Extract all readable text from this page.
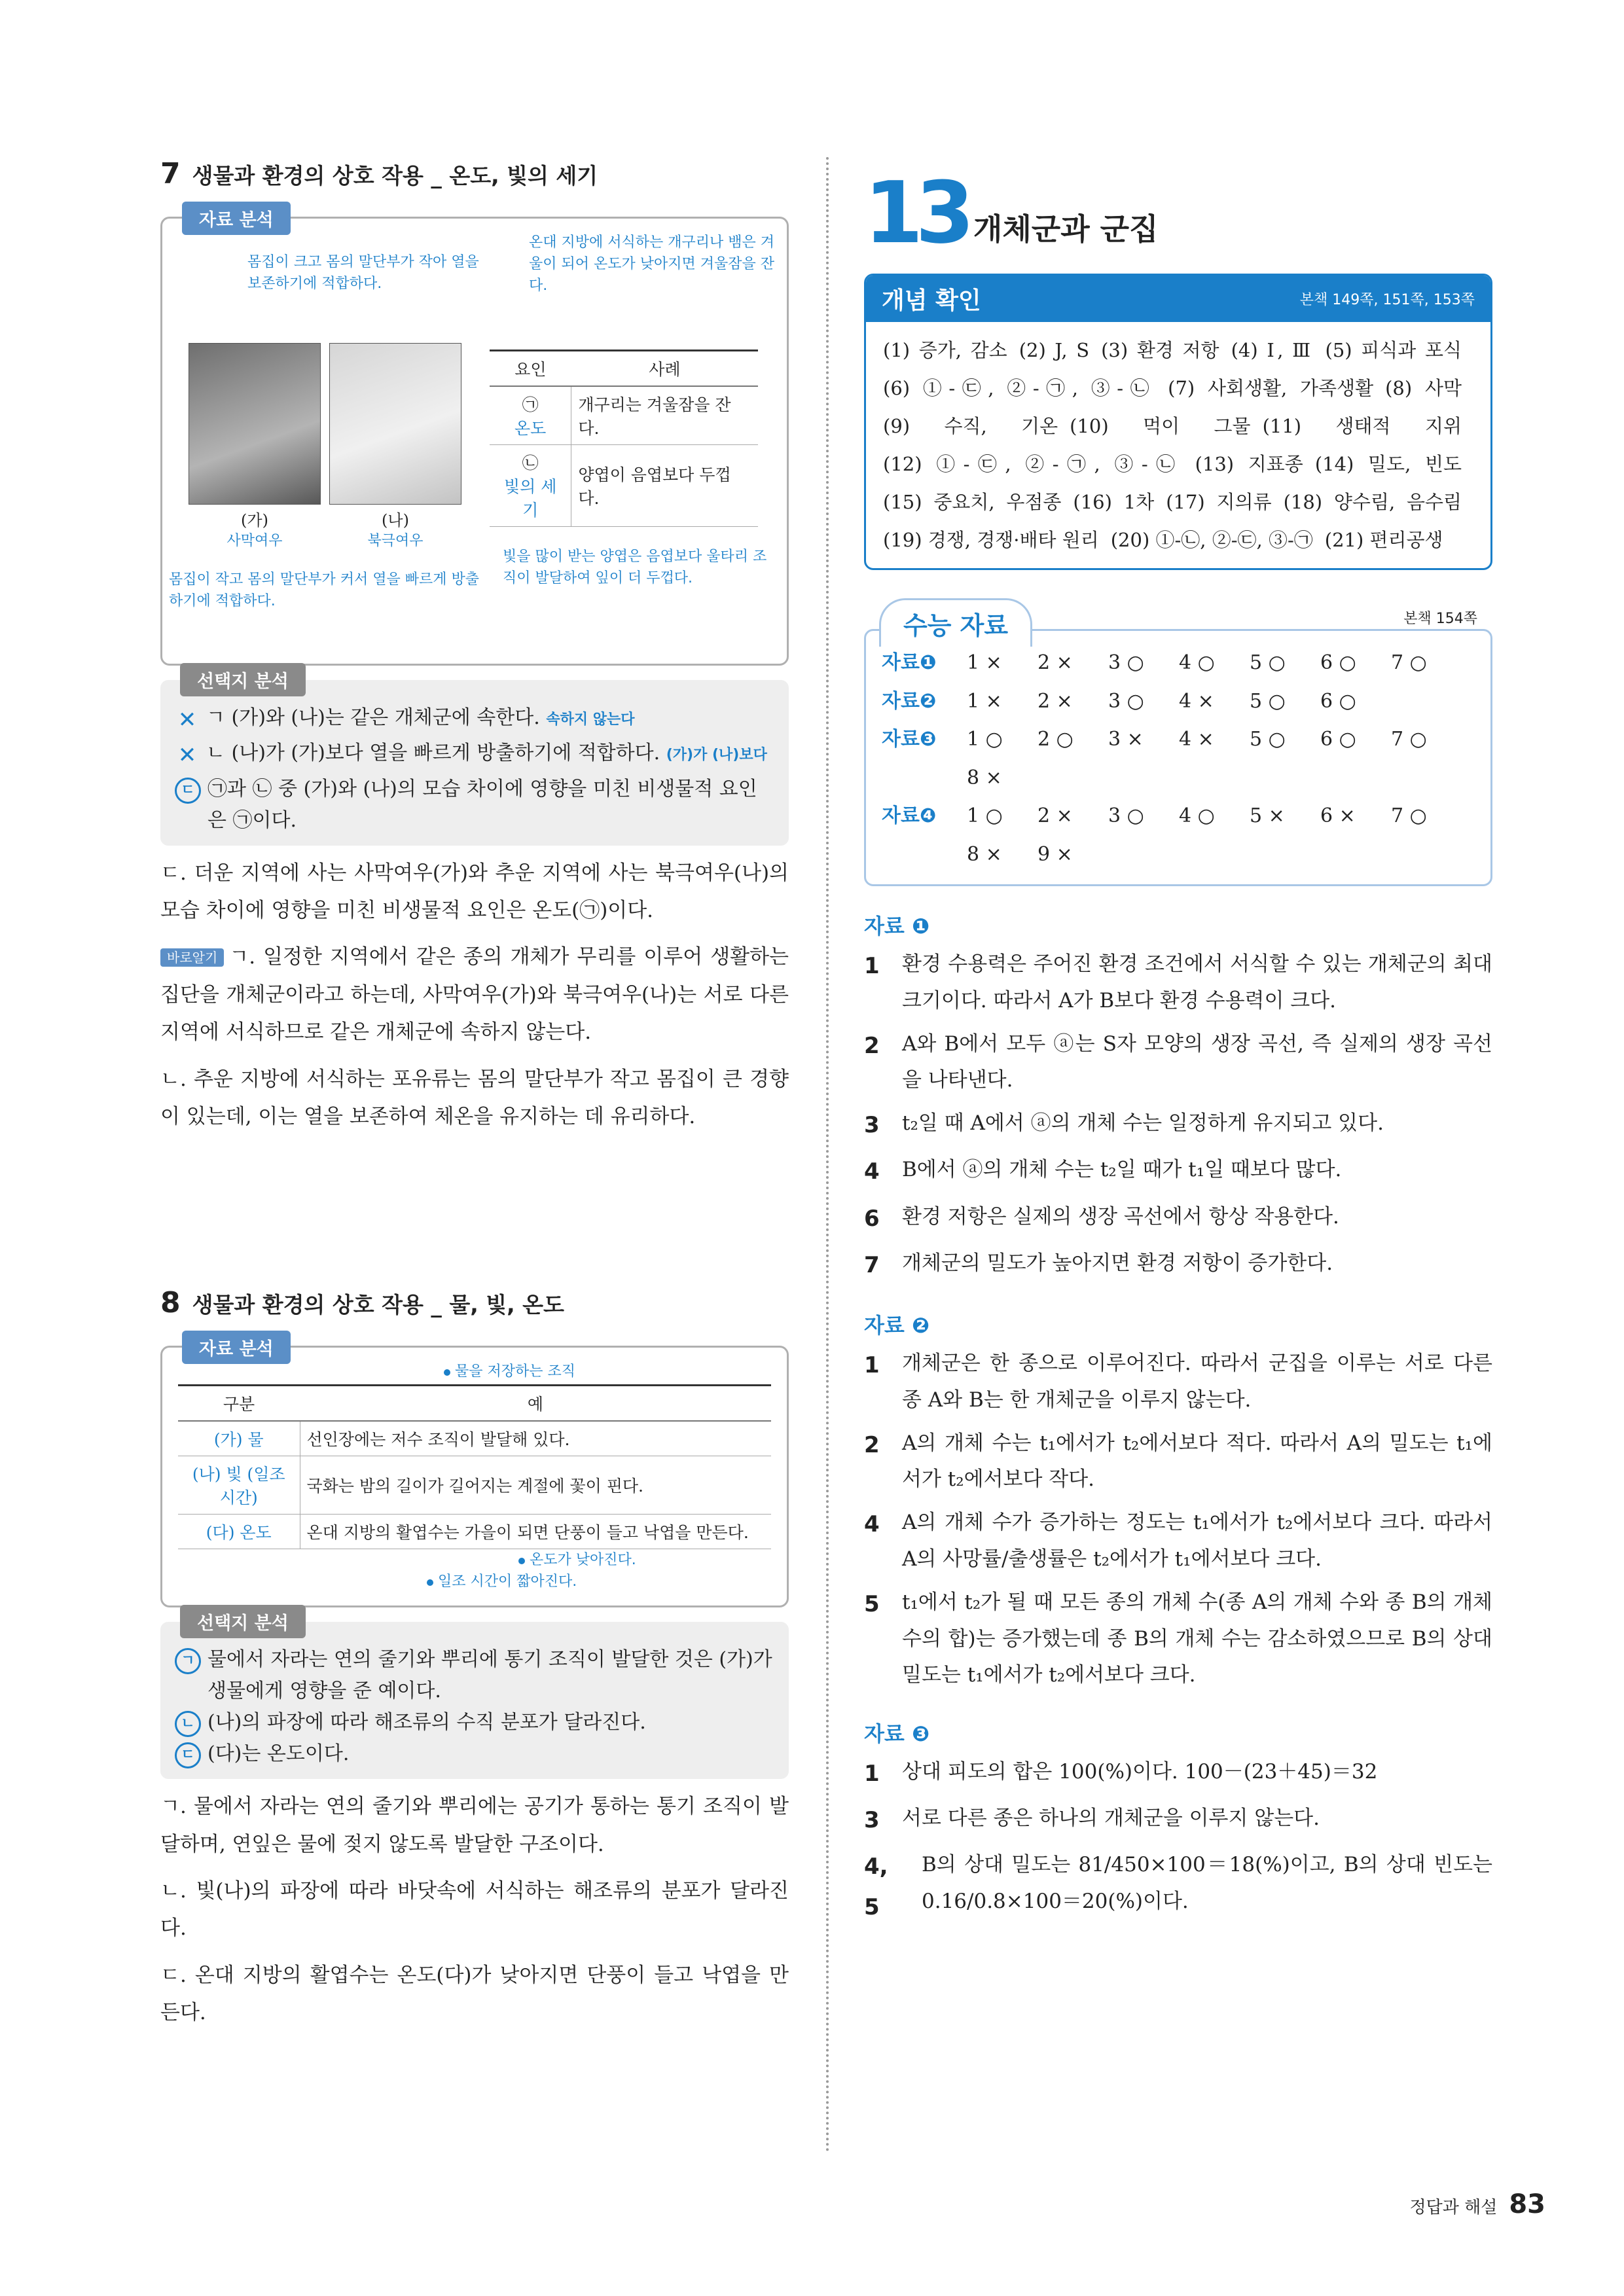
7 생물과 환경의 상호 작용 _ 온도, 빛의 세기
자료 분석
몸집이 크고 몸의 말단부가 작아 열을 보존하기에 적합하다.
온대 지방에 서식하는 개구리나 뱀은 겨울이 되어 온도가 낮아지면 겨울잠을 잔다.
(가)
사막여우
(나)
북극여우
요인	사례

㉠
온도	개구리는 겨울잠을 잔다.

㉡
빛의 세기	양엽이 음엽보다 두껍다.
몸집이 작고 몸의 말단부가 커서 열을 빠르게 방출하기에 적합하다.
빛을 많이 받는 양엽은 음엽보다 울타리 조직이 발달하여 잎이 더 두껍다.
선택지 분석
✕ ㄱ (가)와 (나)는 같은 개체군에 속한다. 속하지 않는다
✕ ㄴ (나)가 (가)보다 열을 빠르게 방출하기에 적합하다. (가)가 (나)보다
ㄷ ㉠과 ㉡ 중 (가)와 (나)의 모습 차이에 영향을 미친 비생물적 요인은 ㉠이다.

ㄷ. 더운 지역에 사는 사막여우(가)와 추운 지역에 사는 북극여우(나)의 모습 차이에 영향을 미친 비생물적 요인은 온도(㉠)이다.

바로알기 ㄱ. 일정한 지역에서 같은 종의 개체가 무리를 이루어 생활하는 집단을 개체군이라고 하는데, 사막여우(가)와 북극여우(나)는 서로 다른 지역에 서식하므로 같은 개체군에 속하지 않는다.

ㄴ. 추운 지방에 서식하는 포유류는 몸의 말단부가 작고 몸집이 큰 경향이 있는데, 이는 열을 보존하여 체온을 유지하는 데 유리하다.

8 생물과 환경의 상호 작용 _ 물, 빛, 온도
자료 분석
물을 저장하는 조직
구분	예
(가) 물	선인장에는 저수 조직이 발달해 있다.
(나) 빛 (일조 시간)	국화는 밤의 길이가 길어지는 계절에 꽃이 핀다.
(다) 온도	온대 지방의 활엽수는 가을이 되면 단풍이 들고 낙엽을 만든다.
온도가 낮아진다.
일조 시간이 짧아진다.
선택지 분석
ㄱ 물에서 자라는 연의 줄기와 뿌리에 통기 조직이 발달한 것은 (가)가 생물에게 영향을 준 예이다.
ㄴ (나)의 파장에 따라 해조류의 수직 분포가 달라진다.
ㄷ (다)는 온도이다.

ㄱ. 물에서 자라는 연의 줄기와 뿌리에는 공기가 통하는 통기 조직이 발달하며, 연잎은 물에 젖지 않도록 발달한 구조이다.

ㄴ. 빛(나)의 파장에 따라 바닷속에 서식하는 해조류의 분포가 달라진다.

ㄷ. 온대 지방의 활엽수는 온도(다)가 낮아지면 단풍이 들고 낙엽을 만든다.

13 개체군과 군집
개념 확인	본책 149쪽, 151쪽, 153쪽
(1) 증가, 감소 (2) J, S (3) 환경 저항 (4) Ⅰ, Ⅲ (5) 피식과 포식(6) ①-㉢, ②-㉠, ③-㉡ (7) 사회생활, 가족생활 (8) 사막(9) 수직, 기온 (10) 먹이 그물 (11) 생태적 지위(12) ①-㉢, ②-㉠, ③-㉡ (13) 지표종 (14) 밀도, 빈도(15) 중요치, 우점종 (16) 1차 (17) 지의류 (18) 양수림, 음수림(19) 경쟁, 경쟁·배타 원리 (20) ①-㉡, ②-㉢, ③-㉠ (21) 편리공생
수능 자료	본책 154쪽
자료❶	1 ×	2 ×	3 ○	4 ○	5 ○	6 ○	7 ○
자료❷	1 ×	2 ×	3 ○	4 ×	5 ○	6 ○
자료❸	1 ○	2 ○	3 ×	4 ×	5 ○	6 ○	7 ○
8 ×
자료❹	1 ○	2 ×	3 ○	4 ○	5 ×	6 ×	7 ○
8 ×	9 ×
자료 ❶
1	환경 수용력은 주어진 환경 조건에서 서식할 수 있는 개체군의 최대 크기이다. 따라서 A가 B보다 환경 수용력이 크다.
2	A와 B에서 모두 ⓐ는 S자 모양의 생장 곡선, 즉 실제의 생장 곡선을 나타낸다.
3	t₂일 때 A에서 ⓐ의 개체 수는 일정하게 유지되고 있다.
4	B에서 ⓐ의 개체 수는 t₂일 때가 t₁일 때보다 많다.
6	환경 저항은 실제의 생장 곡선에서 항상 작용한다.
7	개체군의 밀도가 높아지면 환경 저항이 증가한다.
자료 ❷
1	개체군은 한 종으로 이루어진다. 따라서 군집을 이루는 서로 다른 종 A와 B는 한 개체군을 이루지 않는다.
2	A의 개체 수는 t₁에서가 t₂에서보다 적다. 따라서 A의 밀도는 t₁에서가 t₂에서보다 작다.
4	A의 개체 수가 증가하는 정도는 t₁에서가 t₂에서보다 크다. 따라서 A의 사망률/출생률은 t₂에서가 t₁에서보다 크다.
5	t₁에서 t₂가 될 때 모든 종의 개체 수(종 A의 개체 수와 종 B의 개체 수의 합)는 증가했는데 종 B의 개체 수는 감소하였으므로 B의 상대 밀도는 t₁에서가 t₂에서보다 크다.
자료 ❸
1	상대 피도의 합은 100(%)이다. 100－(23＋45)＝32
3	서로 다른 종은 하나의 개체군을 이루지 않는다.
4, 5
B의 상대 밀도는 81/450×100＝18(%)이고, B의 상대 빈도는 0.16/0.8×100＝20(%)이다.
정답과 해설 83
